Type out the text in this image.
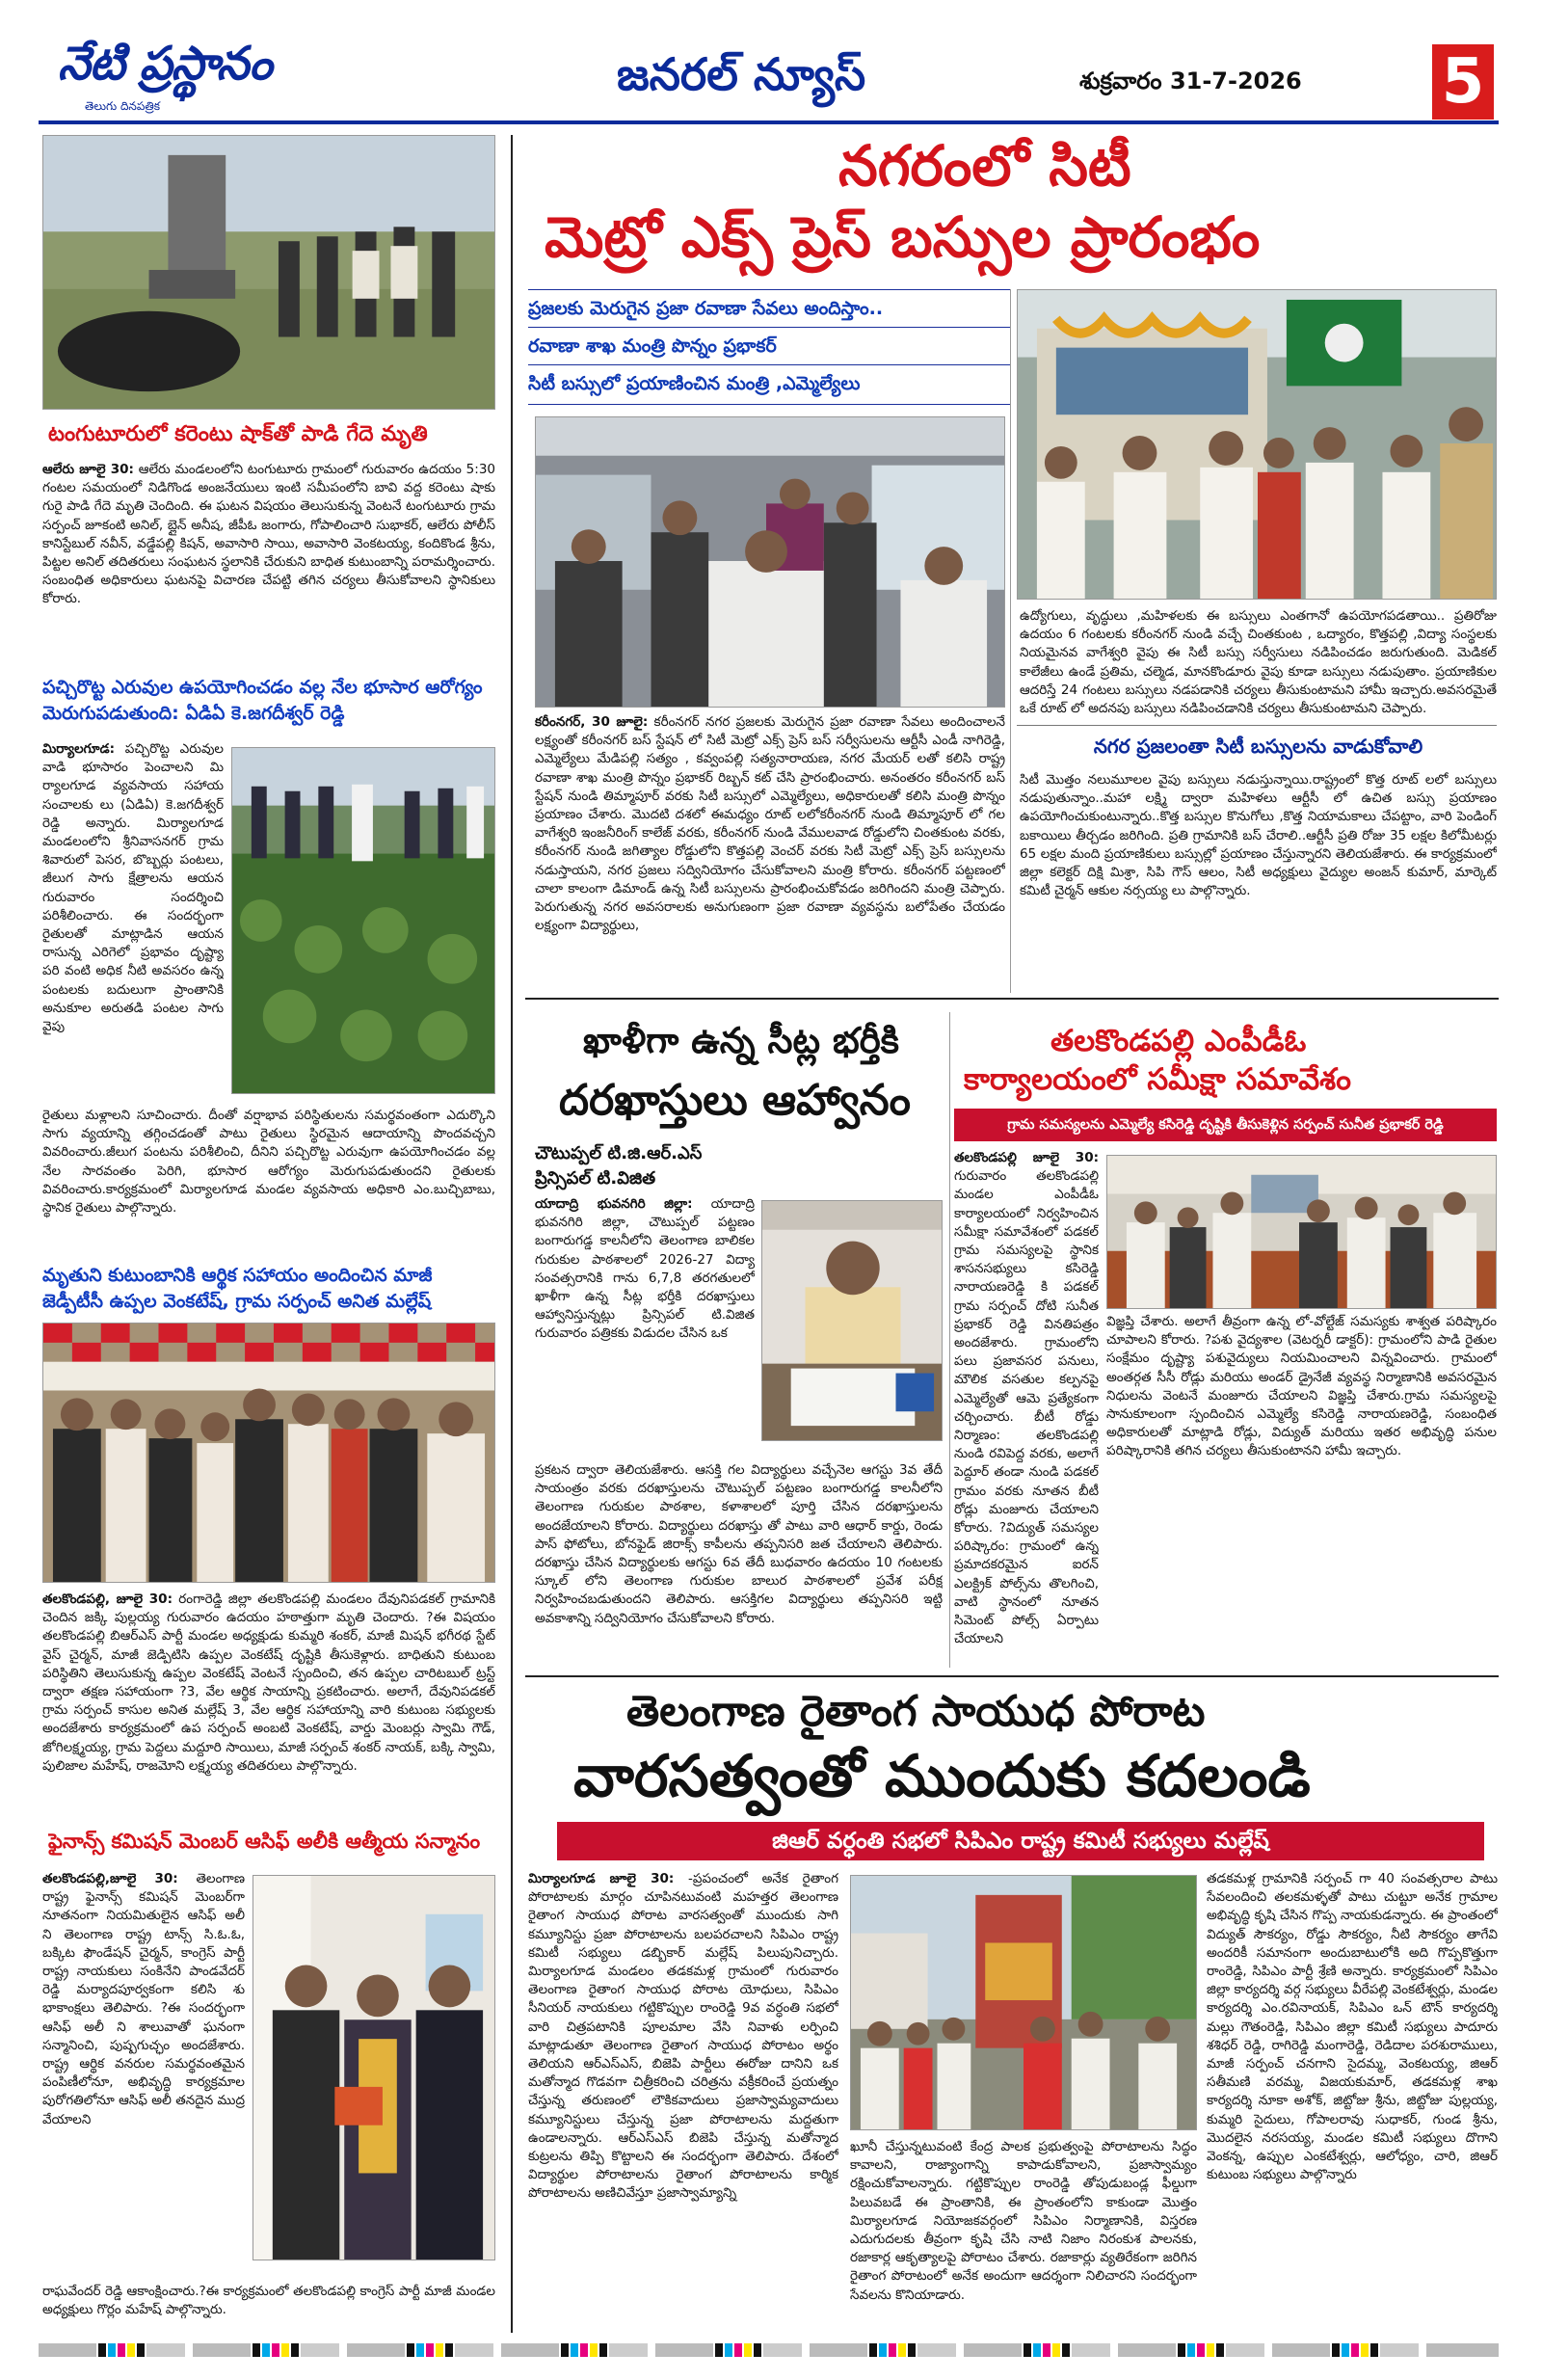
నేటి ప్రస్థానం
తెలుగు దినపత్రిక
జనరల్ న్యూస్	శుక్రవారం 31-7-2026 5
టంగుటూరులో కరెంటు షాక్‌తో పాడి గేదె మృతి
ఆలేరు జూలై 30: ఆలేరు మండలంలోని టంగుటూరు గ్రామంలో గురువారం ఉదయం 5:30 గంటల సమయంలో నిడిగొండ అంజనేయులు ఇంటి సమీపంలోని బావి వద్ద కరెంటు షాకు గురై పాడి గేదె మృతి చెందింది. ఈ ఘటన విషయం తెలుసుకున్న వెంటనే టంగుటూరు గ్రామ సర్పంచ్ జూకంటి అనిల్, బ్లైన్ అనీష, జీపీఓ జంగారు, గోపాలించారి సుభాకర్, ఆలేరు పోలీస్ కానిస్టేబుల్ నవీన్, వడ్డేపల్లి కిషన్, అవాసారి సాయి, అవాసారి వెంకటయ్య, కందికొండ శ్రీను, పిట్టల అనిల్ తదితరులు సంఘటన స్థలానికి చేరుకుని బాధిత కుటుంబాన్ని పరామర్శించారు. సంబంధిత అధికారులు ఘటనపై విచారణ చేపట్టి తగిన చర్యలు తీసుకోవాలని స్థానికులు కోరారు.
పచ్చిరొట్ట ఎరువుల ఉపయోగించడం వల్ల నేల భూసార ఆరోగ్యం మెరుగుపడుతుంది: ఏడిఏ కె.జగదీశ్వర్ రెడ్డి
మిర్యాలగూడ: పచ్చిరొట్ట ఎరువుల వాడి భూసారం పెంచాలని మి ర్యాలగూడ వ్యవసాయ సహాయ సంచాలకు లు (ఏడిఏ) కె.జగదీశ్వర్ రెడ్డి అన్నారు. మిర్యాలగూడ మండలంలోని శ్రీనివాసనగర్ గ్రామ శివారులో పెసర, బొబ్బర్లు పంటలు, జీలుగ సాగు క్షేత్రాలను ఆయన గురువారం సందర్శించి పరిశీలించారు. ఈ సందర్భంగా రైతులతో మాట్లాడిన ఆయన రాసున్న ఎరిగెలో ప్రభావం దృష్ట్యా పరి వంటి అధిక నీటి అవసరం ఉన్న పంటలకు బదులుగా ప్రాంతానికి అనుకూల అరుతడి పంటల సాగు వైపు
రైతులు మళ్లాలని సూచించారు. దీంతో వర్షాభావ పరిస్థితులను సమర్థవంతంగా ఎదుర్కొని సాగు వ్యయాన్ని తగ్గించడంతో పాటు రైతులు స్థిరమైన ఆదాయాన్ని పొందవచ్చని వివరించారు.జీలుగ పంటను పరిశీలించి, దీనిని పచ్చిరొట్ట ఎరువుగా ఉపయోగించడం వల్ల నేల సారవంతం పెరిగి, భూసార ఆరోగ్యం మెరుగుపడుతుందని రైతులకు వివరించారు.కార్యక్రమంలో మిర్యాలగూడ మండల వ్యవసాయ అధికారి ఎం.బుచ్చిబాబు, స్థానిక రైతులు పాల్గొన్నారు.
మృతుని కుటుంబానికి ఆర్థిక సహాయం అందించిన మాజీ జెడ్పీటీసీ ఉప్పల వెంకటేష్, గ్రామ సర్పంచ్ అనిత మల్లేష్
తలకొండపల్లి, జూలై 30: రంగారెడ్డి జిల్లా తలకొండపల్లి మండలం దేవునిపడకల్ గ్రామానికి చెందిన జక్కి పుల్లయ్య గురువారం ఉదయం హఠాత్తుగా మృతి చెందారు. ?ఈ విషయం తలకొండపల్లి బిఆర్ఎస్ పార్టీ మండల అధ్యక్షుడు కుమ్మరి శంకర్, మాజీ మిషన్ భగీరథ స్టేట్ వైస్ చైర్మన్, మాజీ జెడ్పిటిసి ఉప్పల వెంకటేష్ దృష్టికి తీసుకెళ్లారు. బాధితుని కుటుంబ పరిస్థితిని తెలుసుకున్న ఉప్పల వెంకటేష్ వెంటనే స్పందించి, తన ఉప్పల చారిటబుల్ ట్రస్ట్ ద్వారా తక్షణ సహాయంగా ?3, వేల ఆర్థిక సాయాన్ని ప్రకటించారు. అలాగే, దేవునిపడకల్ గ్రామ సర్పంచ్ కాసుల అనిత మల్లేష్ 3, వేల ఆర్థిక సహాయాన్ని వారి కుటుంబ సభ్యులకు అందజేశారు కార్యక్రమంలో ఉప సర్పంచ్ అంబటి వెంకటేష్, వార్డు మెంబర్లు స్వామి గౌడ్, జోగిలక్ష్మయ్య, గ్రామ పెద్దలు మద్దూరి సాయిలు, మాజీ సర్పంచ్ శంకర్ నాయక్, బక్కి స్వామి, పులిజాల మహేష్, రాజమోని లక్ష్మయ్య తదితరులు పాల్గొన్నారు.
ఫైనాన్స్ కమిషన్ మెంబర్ ఆసిఫ్ అలీకి ఆత్మీయ సన్మానం
తలకొండపల్లి,జూలై 30: తెలంగాణ రాష్ట్ర ఫైనాన్స్ కమిషన్ మెంబర్‌గా నూతనంగా నియమితులైన ఆసిఫ్ అలీ ని తెలంగాణ రాష్ట్ర టాన్స్ సి.ఓ.ఓ, బక్కిట ఫౌండేషన్ చైర్మన్, కాంగ్రెస్ పార్టీ రాష్ట్ర నాయకులు సంకినేని పాండవేదర్ రెడ్డి మర్యాదపూర్వకంగా కలిసి శు భాకాంక్షలు తెలిపారు. ?ఈ సందర్భంగా ఆసిఫ్ అలీ ని శాలువాతో ఘనంగా సన్మానించి, పుష్పగుచ్ఛం అందజేశారు. రాష్ట్ర ఆర్థిక వనరుల సమర్థవంతమైన పంపిణీలోనూ, అభివృద్ధి కార్యక్రమాల పురోగతిలోనూ ఆసిఫ్ అలీ తనదైన ముద్ర వేయాలని
రాఘవేందర్ రెడ్డి ఆకాంక్షించారు.?ఈ కార్యక్రమంలో తలకొండపల్లి కాంగ్రెస్ పార్టీ మాజీ మండల అధ్యక్షులు గొర్లం మహేష్ పాల్గొన్నారు.
నగరంలో సిటీ
మెట్రో ఎక్స్ ప్రెస్ బస్సుల ప్రారంభం
ప్రజలకు మెరుగైన ప్రజా రవాణా సేవలు అందిస్తాం..
రవాణా శాఖ మంత్రి పొన్నం ప్రభాకర్
సిటీ బస్సులో ప్రయాణించిన మంత్రి ,ఎమ్మెల్యేలు
కరీంనగర్, 30 జూలై: కరీంనగర్ నగర ప్రజలకు మెరుగైన ప్రజా రవాణా సేవలు అందించాలనే లక్ష్యంతో కరీంనగర్ బస్ స్టేషన్ లో సిటీ మెట్రో ఎక్స్ ప్రెస్ బస్ సర్వీసులను ఆర్టీసీ ఎండీ నాగిరెడ్డి, ఎమ్మెల్యేలు మేడిపల్లి సత్యం , కవ్వంపల్లి సత్యనారాయణ, నగర మేయర్ లతో కలిసి రాష్ట్ర రవాణా శాఖ మంత్రి పొన్నం ప్రభాకర్ రిబ్బన్ కట్ చేసి ప్రారంభించారు. అనంతరం కరీంనగర్ బస్ స్టేషన్ నుండి తిమ్మాపూర్ వరకు సిటీ బస్సులో ఎమ్మెల్యేలు, అధికారులతో కలిసి మంత్రి పొన్నం ప్రయాణం చేశారు. మొదటి దశలో ఈమధ్యం రూట్ లలోకరీంనగర్ నుండి తిమ్మాపూర్ లో గల వాగేశ్వరి ఇంజనీరింగ్ కాలేజ్ వరకు, కరీంనగర్ నుండి వేములవాడ రోడ్డులోని చింతకుంట వరకు, కరీంనగర్ నుండి జగిత్యాల రోడ్డులోని కొత్తపల్లి వెంచర్ వరకు సిటీ మెట్రో ఎక్స్ ప్రెస్ బస్సులను నడుస్తాయని, నగర ప్రజలు సద్వినియోగం చేసుకోవాలని మంత్రి కోరారు. కరీంనగర్ పట్టణంలో చాలా కాలంగా డిమాండ్ ఉన్న సిటీ బస్సులను ప్రారంభించుకోవడం జరిగిందని మంత్రి చెప్పారు. పెరుగుతున్న నగర అవసరాలకు అనుగుణంగా ప్రజా రవాణా వ్యవస్థను బలోపేతం చేయడం లక్ష్యంగా విద్యార్థులు,
ఉద్యోగులు, వృద్ధులు ,మహిళలకు ఈ బస్సులు ఎంతగానో ఉపయోగపడతాయి.. ప్రతిరోజు ఉదయం 6 గంటలకు కరీంనగర్ నుండి వచ్చే చింతకుంట , ఒద్యారం, కొత్తపల్లి ,విద్యా సంస్థలకు నియమైనవ వాగేశ్వరి వైపు ఈ సిటీ బస్సు సర్వీసులు నడిపించడం జరుగుతుంది. మెడికల్ కాలేజీలు ఉండే ప్రతిమ, చల్మెడ, మానకొండూరు వైపు కూడా బస్సులు నడుపుతాం. ప్రయాణికుల ఆదరిస్తే 24 గంటలు బస్సులు నడపడానికి చర్యలు తీసుకుంటామని హామీ ఇచ్చారు.అవసరమైతే ఒకే రూట్ లో అదనపు బస్సులు నడిపించడానికి చర్యలు తీసుకుంటామని చెప్పారు.
నగర ప్రజలంతా సిటీ బస్సులను వాడుకోవాలి
సిటీ మొత్తం నలుమూలల వైపు బస్సులు నడుస్తున్నాయి.రాష్ట్రంలో కొత్త రూట్ లలో బస్సులు నడుపుతున్నాం..మహా లక్ష్మి ద్వారా మహిళలు ఆర్టీసీ లో ఉచిత బస్సు ప్రయాణం ఉపయోగించుకుంటున్నారు..కొత్త బస్సుల కొనుగోలు ,కొత్త నియామకాలు చేపట్టాం, వారి పెండింగ్ బకాయిలు తీర్చడం జరిగింది. ప్రతి గ్రామానికి బస్ చేరాలి..ఆర్టీసీ ప్రతి రోజు 35 లక్షల కిలోమీటర్లు 65 లక్షల మంది ప్రయాణికులు బస్సుల్లో ప్రయాణం చేస్తున్నారని తెలియజేశారు. ఈ కార్యక్రమంలో జిల్లా కలెక్టర్ దిక్షి మిశ్రా, సిపి గౌస్ ఆలం, సిటీ అధ్యక్షులు వైద్యుల అంజన్ కుమార్, మార్కెట్ కమిటీ చైర్మన్ ఆకుల నర్సయ్య లు పాల్గొన్నారు.
ఖాళీగా ఉన్న సీట్ల భర్తీకి
దరఖాస్తులు ఆహ్వానం
చౌటుప్పల్ టి.జి.ఆర్.ఎస్
ప్రిన్సిపల్ టి.విజిత
యాదాద్రి భువనగిరి జిల్లా: యాదాద్రి భువనగిరి జిల్లా, చౌటుప్పల్ పట్టణం బంగారుగడ్డ కాలనీలోని తెలంగాణ బాలికల గురుకుల పాఠశాలలో 2026-27 విద్యా సంవత్సరానికి గాను 6,7,8 తరగతులలో ఖాళీగా ఉన్న సీట్ల భర్తీకి దరఖాస్తులు ఆహ్వానిస్తున్నట్లు ప్రిన్సిపల్ టి.విజిత గురువారం పత్రికకు విడుదల చేసిన ఒక
ప్రకటన ద్వారా తెలియజేశారు. ఆసక్తి గల విద్యార్థులు వచ్చేనెల ఆగస్టు 3వ తేదీ సాయంత్రం వరకు దరఖాస్తులను చౌటుప్పల్ పట్టణం బంగారుగడ్డ కాలనీలోని తెలంగాణ గురుకుల పాఠశాల, కళాశాలలో పూర్తి చేసిన దరఖాస్తులను అందజేయాలని కోరారు. విద్యార్థులు దరఖాస్తు తో పాటు వారి ఆధార్ కార్డు, రెండు పాస్ ఫోటోలు, బోనఫైడ్ జిరాక్స్ కాపీలను తప్పనిసరి జత చేయాలని తెలిపారు. దరఖాస్తు చేసిన విద్యార్థులకు ఆగస్టు 6వ తేదీ బుధవారం ఉదయం 10 గంటలకు స్కూల్ లోని తెలంగాణ గురుకుల బాలుర పాఠశాలలో ప్రవేశ పరీక్ష నిర్వహించబడుతుందని తెలిపారు. ఆసక్తిగల విద్యార్థులు తప్పనిసరి ఇట్టి అవకాశాన్ని సద్వినియోగం చేసుకోవాలని కోరారు.
తలకొండపల్లి ఎంపీడీఓ
కార్యాలయంలో సమీక్షా సమావేశం
గ్రామ సమస్యలను ఎమ్మెల్యే కసిరెడ్డి దృష్టికి తీసుకెళ్లిన సర్పంచ్ సునీత ప్రభాకర్ రెడ్డి
తలకొండపల్లి జూలై 30: గురువారం తలకొండపల్లి మండల ఎంపీడీఓ కార్యాలయంలో నిర్వహించిన సమీక్షా సమావేశంలో పడకల్ గ్రామ సమస్యలపై స్థానిక శాసనసభ్యులు కసిరెడ్డి నారాయణరెడ్డి కి పడకల్ గ్రామ సర్పంచ్ దోటి సునీత ప్రభాకర్ రెడ్డి వినతిపత్రం అందజేశారు. గ్రామంలోని పలు ప్రజావసర పనులు, మౌలిక వసతుల కల్పనపై ఎమ్మెల్యేతో ఆమె ప్రత్యేకంగా చర్చించారు. బీటీ రోడ్డు నిర్మాణం: తలకొండపల్లి నుండి రవిపెద్ద వరకు, అలాగే పెద్దూర్ తండా నుండి పడకల్ గ్రామం వరకు నూతన బీటీ రోడ్లు మంజూరు చేయాలని కోరారు. ?విద్యుత్ సమస్యల పరిష్కారం: గ్రామంలో ఉన్న ప్రమాదకరమైన ఐరన్ ఎలక్ట్రిక్ పోల్స్‌ను తొలగించి, వాటి స్థానంలో నూతన సిమెంట్ పోల్స్ ఏర్పాటు చేయాలని
విజ్ఞప్తి చేశారు. అలాగే తీవ్రంగా ఉన్న లో-వోల్టేజ్ సమస్యకు శాశ్వత పరిష్కారం చూపాలని కోరారు. ?పశు వైద్యశాల (వెటర్నరీ డాక్టర్): గ్రామంలోని పాడి రైతుల సంక్షేమం దృష్ట్యా పశువైద్యులు నియమించాలని విన్నవించారు. గ్రామంలో అంతర్గత సీసీ రోడ్లు మరియు అండర్ డ్రైనేజీ వ్యవస్థ నిర్మాణానికి అవసరమైన నిధులను వెంటనే మంజూరు చేయాలని విజ్ఞప్తి చేశారు.గ్రామ సమస్యలపై సానుకూలంగా స్పందించిన ఎమ్మెల్యే కసిరెడ్డి నారాయణరెడ్డి, సంబంధిత అధికారులతో మాట్లాడి రోడ్లు, విద్యుత్ మరియు ఇతర అభివృద్ధి పనుల పరిష్కారానికి తగిన చర్యలు తీసుకుంటానని హామీ ఇచ్చారు.
తెలంగాణ రైతాంగ సాయుధ పోరాట
వారసత్వంతో ముందుకు కదలండి
జిఆర్ వర్ధంతి సభలో సిపిఎం రాష్ట్ర కమిటీ సభ్యులు మల్లేష్
మిర్యాలగూడ జూలై 30: -ప్రపంచంలో అనేక రైతాంగ పోరాటాలకు మార్గం చూపినటువంటి మహత్తర తెలంగాణ రైతాంగ సాయుధ పోరాట వారసత్వంతో ముందుకు సాగి కమ్యూనిస్టు ప్రజా పోరాటాలను బలపరచాలని సిపిఎం రాష్ట్ర కమిటీ సభ్యులు డబ్బికార్ మల్లేష్ పిలుపునిచ్చారు. మిర్యాలగూడ మండలం తడకమళ్ల గ్రామంలో గురువారం తెలంగాణ రైతాంగ సాయుధ పోరాట యోధులు, సిపిఎం సీనియర్ నాయకులు గట్టికొప్పుల రాంరెడ్డి 9వ వర్ధంతి సభలో వారి చిత్రపటానికి పూలమాల వేసి నివాళు లర్పించి మాట్లాడుతూ తెలంగాణ రైతాంగ సాయుధ పోరాటం అర్థం తెలియని ఆర్ఎస్ఎస్, బిజెపి పార్టీలు ఈరోజు దానిని ఒక మతోన్మాద గొడవగా చిత్రీకరించి చరిత్రను వక్రీకరించే ప్రయత్నం చేస్తున్న తరుణంలో లౌకికవాదులు ప్రజాస్వామ్యవాదులు కమ్యూనిస్టులు చేస్తున్న ప్రజా పోరాటాలను మద్దతుగా ఉండాలన్నారు. ఆర్ఎస్ఎస్ బిజెపి చేస్తున్న మతోన్మాద కుట్రలను తిప్పి కొట్టాలని ఈ సందర్భంగా తెలిపారు. దేశంలో విద్యార్థుల పోరాటాలను రైతాంగ పోరాటాలను కార్మిక పోరాటాలను అణిచివేస్తూ ప్రజాస్వామ్యాన్ని
ఖూనీ చేస్తున్నటువంటి కేంద్ర పాలక ప్రభుత్వంపై పోరాటాలను సిద్ధం కావాలని, రాజ్యాంగాన్ని కాపాడుకోవాలని, ప్రజాస్వామ్యం రక్షించుకోవాలన్నారు. గట్టికొప్పుల రాంరెడ్డి తోపుడుబండ్ల ఫీల్డుగా పిలువబడే ఈ ప్రాంతానికి, ఈ ప్రాంతంలోని కాకుండా మొత్తం మిర్యాలగూడ నియోజకవర్గంలో సిపిఎం నిర్మాణానికి, విస్తరణ ఎదుగుదలకు తీవ్రంగా కృషి చేసి నాటి నిజాం నిరంకుశ పాలనకు, రజాకార్ల ఆకృత్యాలపై పోరాటం చేశారు. రజాకార్లు వ్యతిరేకంగా జరిగిన రైతాంగ పోరాటంలో అనేక అందుగా ఆదర్శంగా నిలిచారని సందర్భంగా సేవలను కొనియాడారు.
తడకమళ్ల గ్రామానికి సర్పంచ్ గా 40 సంవత్సరాల పాటు సేవలందించి తలకమళ్ళతో పాటు చుట్టూ అనేక గ్రామాల అభివృద్ధి కృషి చేసిన గొప్ప నాయకుడన్నారు. ఈ ప్రాంతంలో విద్యుత్ సౌకర్యం, రోడ్డు సౌకర్యం, నీటి సౌకర్యం తాగేవి అందరికీ సమానంగా అందుబాటులోకి అది గొప్పకొత్తుగా రాంరెడ్డి, సిపిఎం పార్టీ శ్రేణి అన్నారు. కార్యక్రమంలో సిపిఎం జిల్లా కార్యదర్శి వర్గ సభ్యులు వీరేపల్లి వెంకటేశ్వర్లు, మండల కార్యదర్శి ఎం.రవినాయక్, సిపిఎం ఒన్ టౌన్ కార్యదర్శి మల్లు గౌతంరెడ్డి, సిపిఎం జిల్లా కమిటీ సభ్యులు పాదూరు శశిధర్ రెడ్డి, రాగిరెడ్డి మంగారెడ్డి, రెడిదాల పరశురాములు, మాజీ సర్పంచ్ చనగాని సైదమ్మ, వెంకటయ్య, జిఆర్ సతీమణి వరమ్మ, విజయకుమార్, తడకమళ్ల శాఖ కార్యదర్శి నూకా అశోక్, జిట్టోజు శ్రీను, జిట్టోజు పుల్లయ్య, కుమ్మరి సైదులు, గోపాలరావు సుధాకర్, గుండ శ్రీను, మొదలైన నరసయ్య, మండల కమిటీ సభ్యులు దొగాని వెంకన్న, ఉప్పుల ఎంకటేశ్వర్లు, ఆలోధ్యం, చారి, జిఆర్ కుటుంబ సభ్యులు పాల్గొన్నారు
